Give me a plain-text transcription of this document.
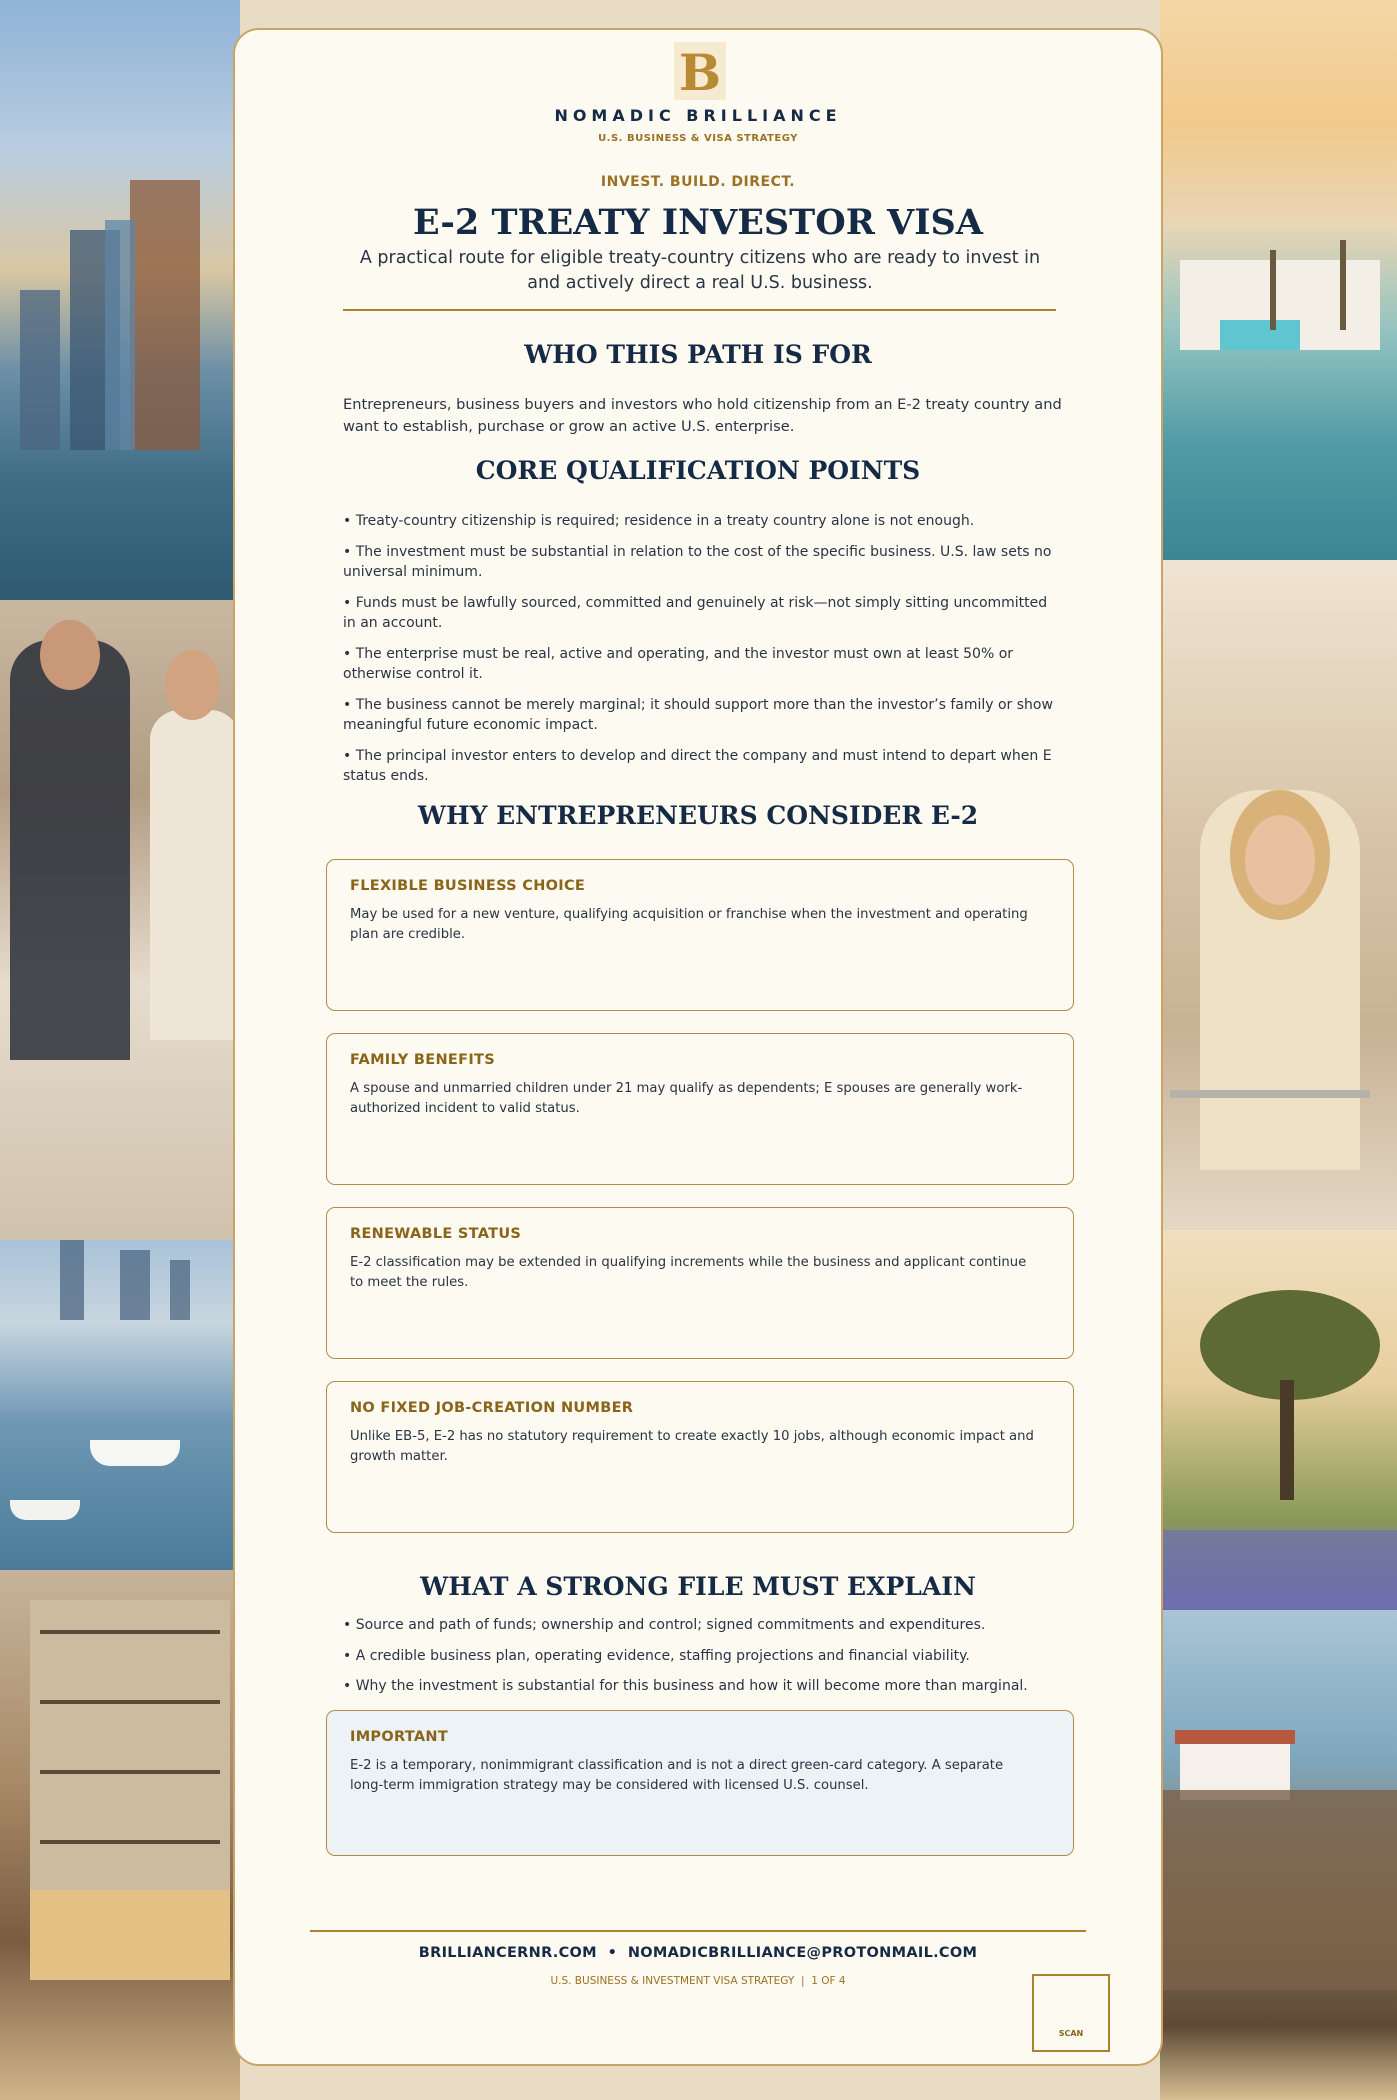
B
NOMADIC BRILLIANCE
U.S. BUSINESS & VISA STRATEGY
INVEST. BUILD. DIRECT.
E-2 TREATY INVESTOR VISA
A practical route for eligible treaty-country citizens who are ready to invest in and actively direct a real U.S. business.
WHO THIS PATH IS FOR
Entrepreneurs, business buyers and investors who hold citizenship from an E-2 treaty country and want to establish, purchase or grow an active U.S. enterprise.
CORE QUALIFICATION POINTS
• Treaty-country citizenship is required; residence in a treaty country alone is not enough.
• The investment must be substantial in relation to the cost of the specific business. U.S. law sets no universal minimum.
• Funds must be lawfully sourced, committed and genuinely at risk—not simply sitting uncommitted in an account.
• The enterprise must be real, active and operating, and the investor must own at least 50% or otherwise control it.
• The business cannot be merely marginal; it should support more than the investor’s family or show meaningful future economic impact.
• The principal investor enters to develop and direct the company and must intend to depart when E status ends.
WHY ENTREPRENEURS CONSIDER E-2
FLEXIBLE BUSINESS CHOICE
May be used for a new venture, qualifying acquisition or franchise when the investment and operating plan are credible.
FAMILY BENEFITS
A spouse and unmarried children under 21 may qualify as dependents; E spouses are generally work-authorized incident to valid status.
RENEWABLE STATUS
E-2 classification may be extended in qualifying increments while the business and applicant continue to meet the rules.
NO FIXED JOB-CREATION NUMBER
Unlike EB-5, E-2 has no statutory requirement to create exactly 10 jobs, although economic impact and growth matter.
WHAT A STRONG FILE MUST EXPLAIN
• Source and path of funds; ownership and control; signed commitments and expenditures.
• A credible business plan, operating evidence, staffing projections and financial viability.
• Why the investment is substantial for this business and how it will become more than marginal.
IMPORTANT
E-2 is a temporary, nonimmigrant classification and is not a direct green-card category. A separate long-term immigration strategy may be considered with licensed U.S. counsel.
BRILLIANCERNR.COM  •  NOMADICBRILLIANCE@PROTONMAIL.COM
U.S. BUSINESS & INVESTMENT VISA STRATEGY  |  1 OF 4
SCAN
